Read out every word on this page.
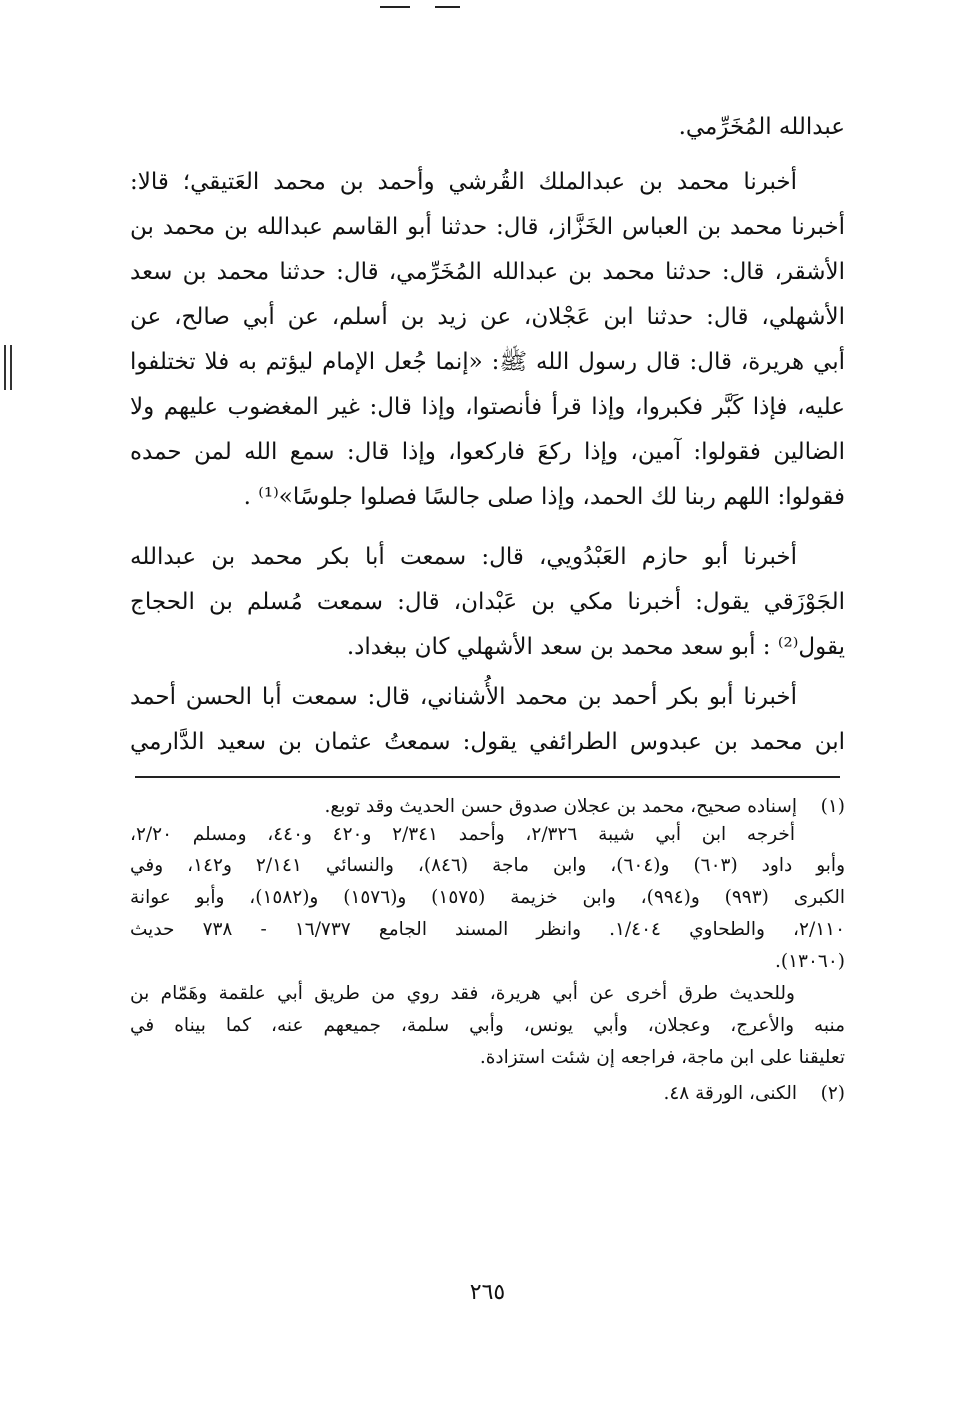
عبدالله المُخَرِّمي.
أخبرنا محمد بن عبدالملك القُرشي وأحمد بن محمد العَتيقي؛ قالا:
أخبرنا محمد بن العباس الخَزَّاز، قال: حدثنا أبو القاسم عبدالله بن محمد بن
الأشقر، قال: حدثنا محمد بن عبدالله المُخَرِّمي، قال: حدثنا محمد بن سعد
الأشهلي، قال: حدثنا ابن عَجْلان، عن زيد بن أسلم، عن أبي صالح، عن
أبي هريرة، قال: قال رسول الله ﷺ: «إنما جُعل الإمام ليؤتم به فلا تختلفوا
عليه، فإذا كَبَّر فكبروا، وإذا قرأ فأنصتوا، وإذا قال: غير المغضوب عليهم ولا
الضالين فقولوا: آمين، وإذا ركعَ فاركعوا، وإذا قال: سمع الله لمن حمده
فقولوا: اللهم ربنا لك الحمد، وإذا صلى جالسًا فصلوا جلوسًا»⁽¹⁾ .
أخبرنا أبو حازم العَبْدُويي، قال: سمعت أبا بكر محمد بن عبدالله
الجَوْزَقي يقول: أخبرنا مكي بن عَبْدان، قال: سمعت مُسلم بن الحجاج
يقول⁽²⁾ : أبو سعد محمد بن سعد الأشهلي كان ببغداد.
أخبرنا أبو بكر أحمد بن محمد الأُشناني، قال: سمعت أبا الحسن أحمد
ابن محمد بن عبدوس الطرائفي يقول: سمعتُ عثمان بن سعيد الدَّارمي
(١)إسناده صحيح، محمد بن عجلان صدوق حسن الحديث وقد توبع.
أخرجه ابن أبي شيبة ٢/٣٢٦، وأحمد ٢/٣٤١ و٤٢٠ و٤٤٠، ومسلم ٢/٢٠،
وأبو داود (٦٠٣) و(٦٠٤)، وابن ماجة (٨٤٦)، والنسائي ٢/١٤١ و١٤٢، وفي
الكبرى (٩٩٣) و(٩٩٤)، وابن خزيمة (١٥٧٥) و(١٥٧٦) و(١٥٨٢)، وأبو عوانة
٢/١١٠، والطحاوي ١/٤٠٤. وانظر المسند الجامع ١٦/٧٣٧ - ٧٣٨ حديث
(١٣٠٦٠).
وللحديث طرق أخرى عن أبي هريرة، فقد روي من طريق أبي علقمة وهَمّام بن
منبه والأعرج، وعجلان، وأبي يونس، وأبي سلمة، جميعهم عنه، كما بيناه في
تعليقنا على ابن ماجة، فراجعه إن شئت استزادة.
(٢)الكنى، الورقة ٤٨.
٢٦٥
